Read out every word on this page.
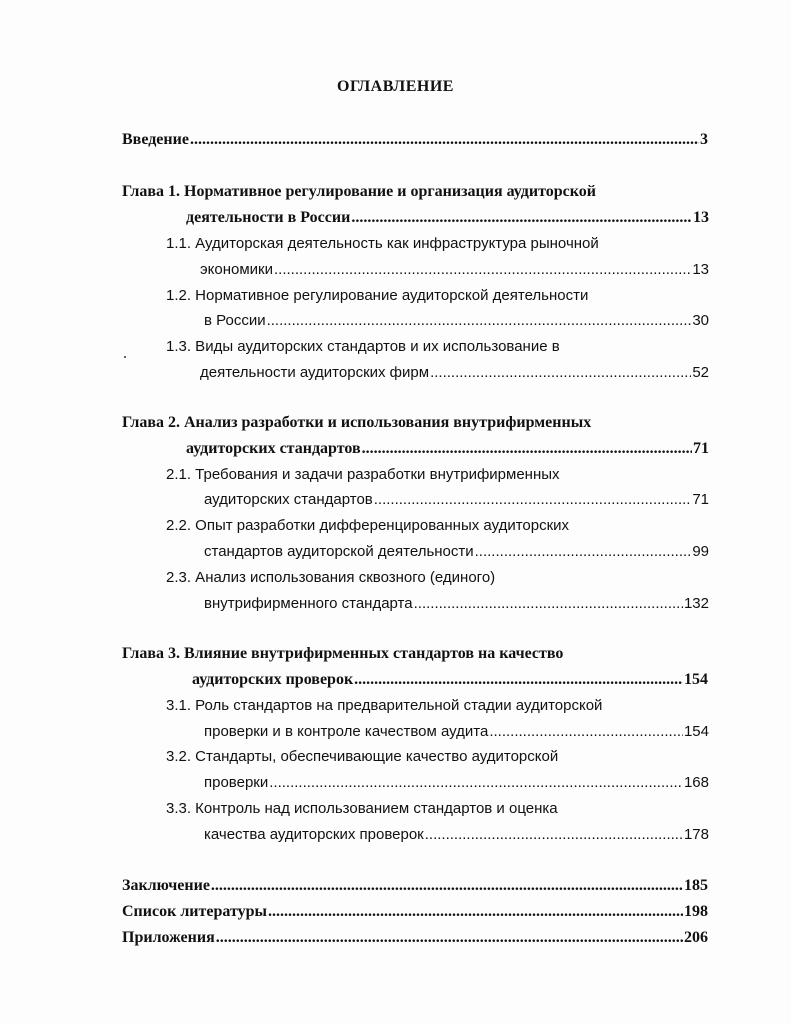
ОГЛАВЛЕНИЕ
Введение .....	3
Глава 1. Нормативное регулирование и организация аудиторской
деятельности в России .....	13
1.1. Аудиторская деятельность как инфраструктура рыночной
экономики .....	13
1.2. Нормативное регулирование аудиторской деятельности
в России .....	30
1.3. Виды аудиторских стандартов и их использование в
деятельности аудиторских фирм .....	52
Глава 2. Анализ разработки и использования внутрифирменных
аудиторских стандартов .....	71
2.1. Требования и задачи разработки внутрифирменных
аудиторских стандартов .....	71
2.2. Опыт разработки дифференцированных аудиторских
стандартов аудиторской деятельности .....	99
2.3. Анализ использования сквозного (единого)
внутрифирменного стандарта .....	132
Глава 3. Влияние внутрифирменных стандартов на качество
аудиторских проверок .....	154
3.1. Роль стандартов на предварительной стадии аудиторской
проверки и в контроле качеством аудита .....	154
3.2. Стандарты, обеспечивающие качество аудиторской
проверки .....	168
3.3. Контроль над использованием стандартов и оценка
качества аудиторских проверок .....	178
Заключение .....	185
Список литературы .....	198
Приложения .....	206
